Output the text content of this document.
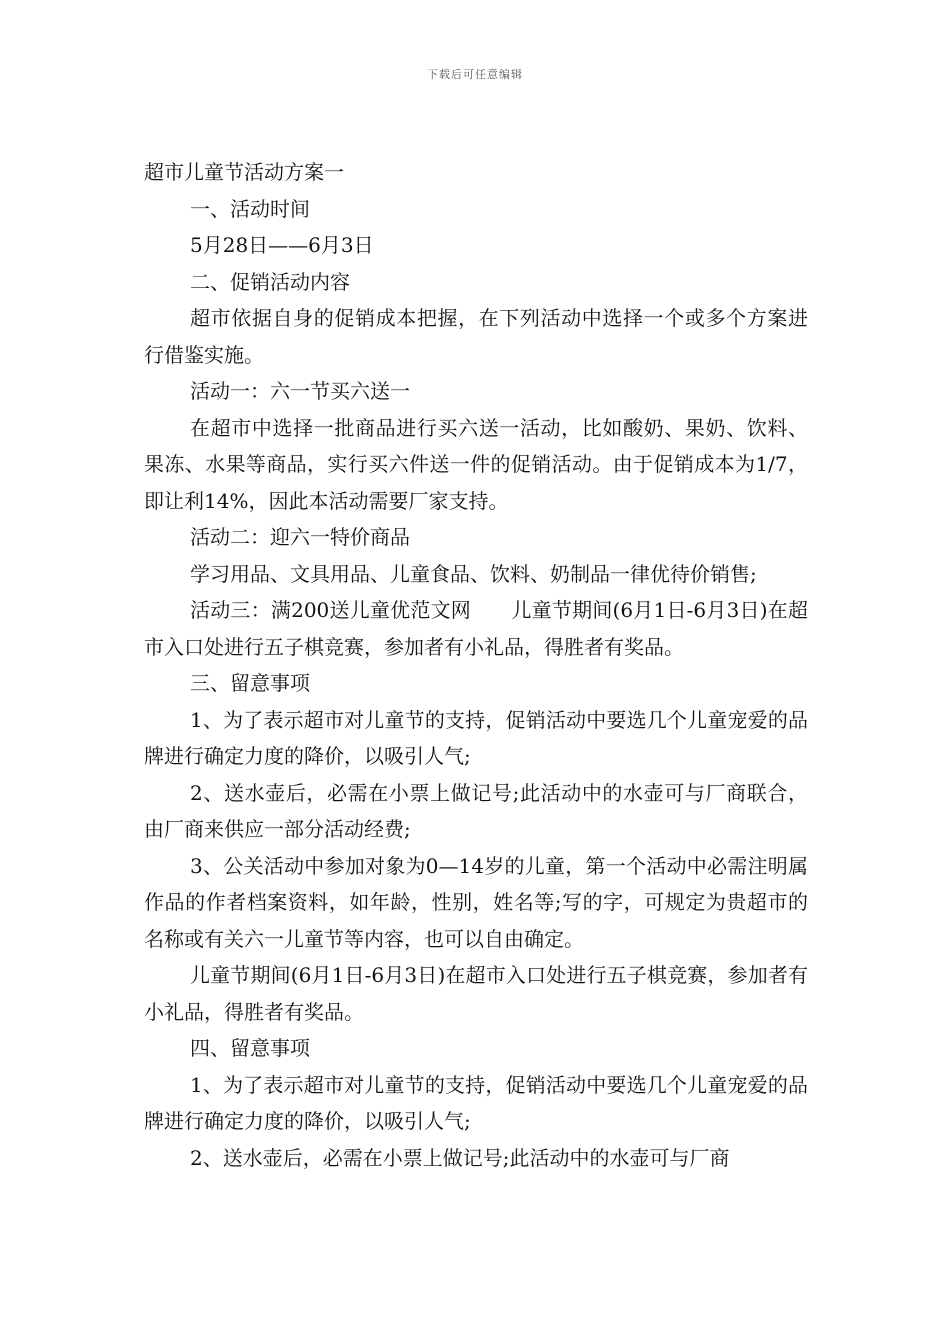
下载后可任意编辑

超市儿童节活动方案一

一、活动时间

5月28日——6月3日

二、促销活动内容

超市依据自身的促销成本把握，在下列活动中选择一个或多个方案进行借鉴实施。

活动一：六一节买六送一

在超市中选择一批商品进行买六送一活动，比如酸奶、果奶、饮料、果冻、水果等商品，实行买六件送一件的促销活动。由于促销成本为1/7，即让利14%，因此本活动需要厂家支持。

活动二：迎六一特价商品

学习用品、文具用品、儿童食品、饮料、奶制品一律优待价销售;

活动三：满200送儿童优范文网　　儿童节期间(6月1日-6月3日)在超市入口处进行五子棋竞赛，参加者有小礼品，得胜者有奖品。

三、留意事项

1、为了表示超市对儿童节的支持，促销活动中要选几个儿童宠爱的品牌进行确定力度的降价，以吸引人气;

2、送水壶后，必需在小票上做记号;此活动中的水壶可与厂商联合，由厂商来供应一部分活动经费;

3、公关活动中参加对象为0—14岁的儿童，第一个活动中必需注明属作品的作者档案资料，如年龄，性别，姓名等;写的字，可规定为贵超市的名称或有关六一儿童节等内容，也可以自由确定。

儿童节期间(6月1日-6月3日)在超市入口处进行五子棋竞赛，参加者有小礼品，得胜者有奖品。

四、留意事项

1、为了表示超市对儿童节的支持，促销活动中要选几个儿童宠爱的品牌进行确定力度的降价，以吸引人气;

2、送水壶后，必需在小票上做记号;此活动中的水壶可与厂商
